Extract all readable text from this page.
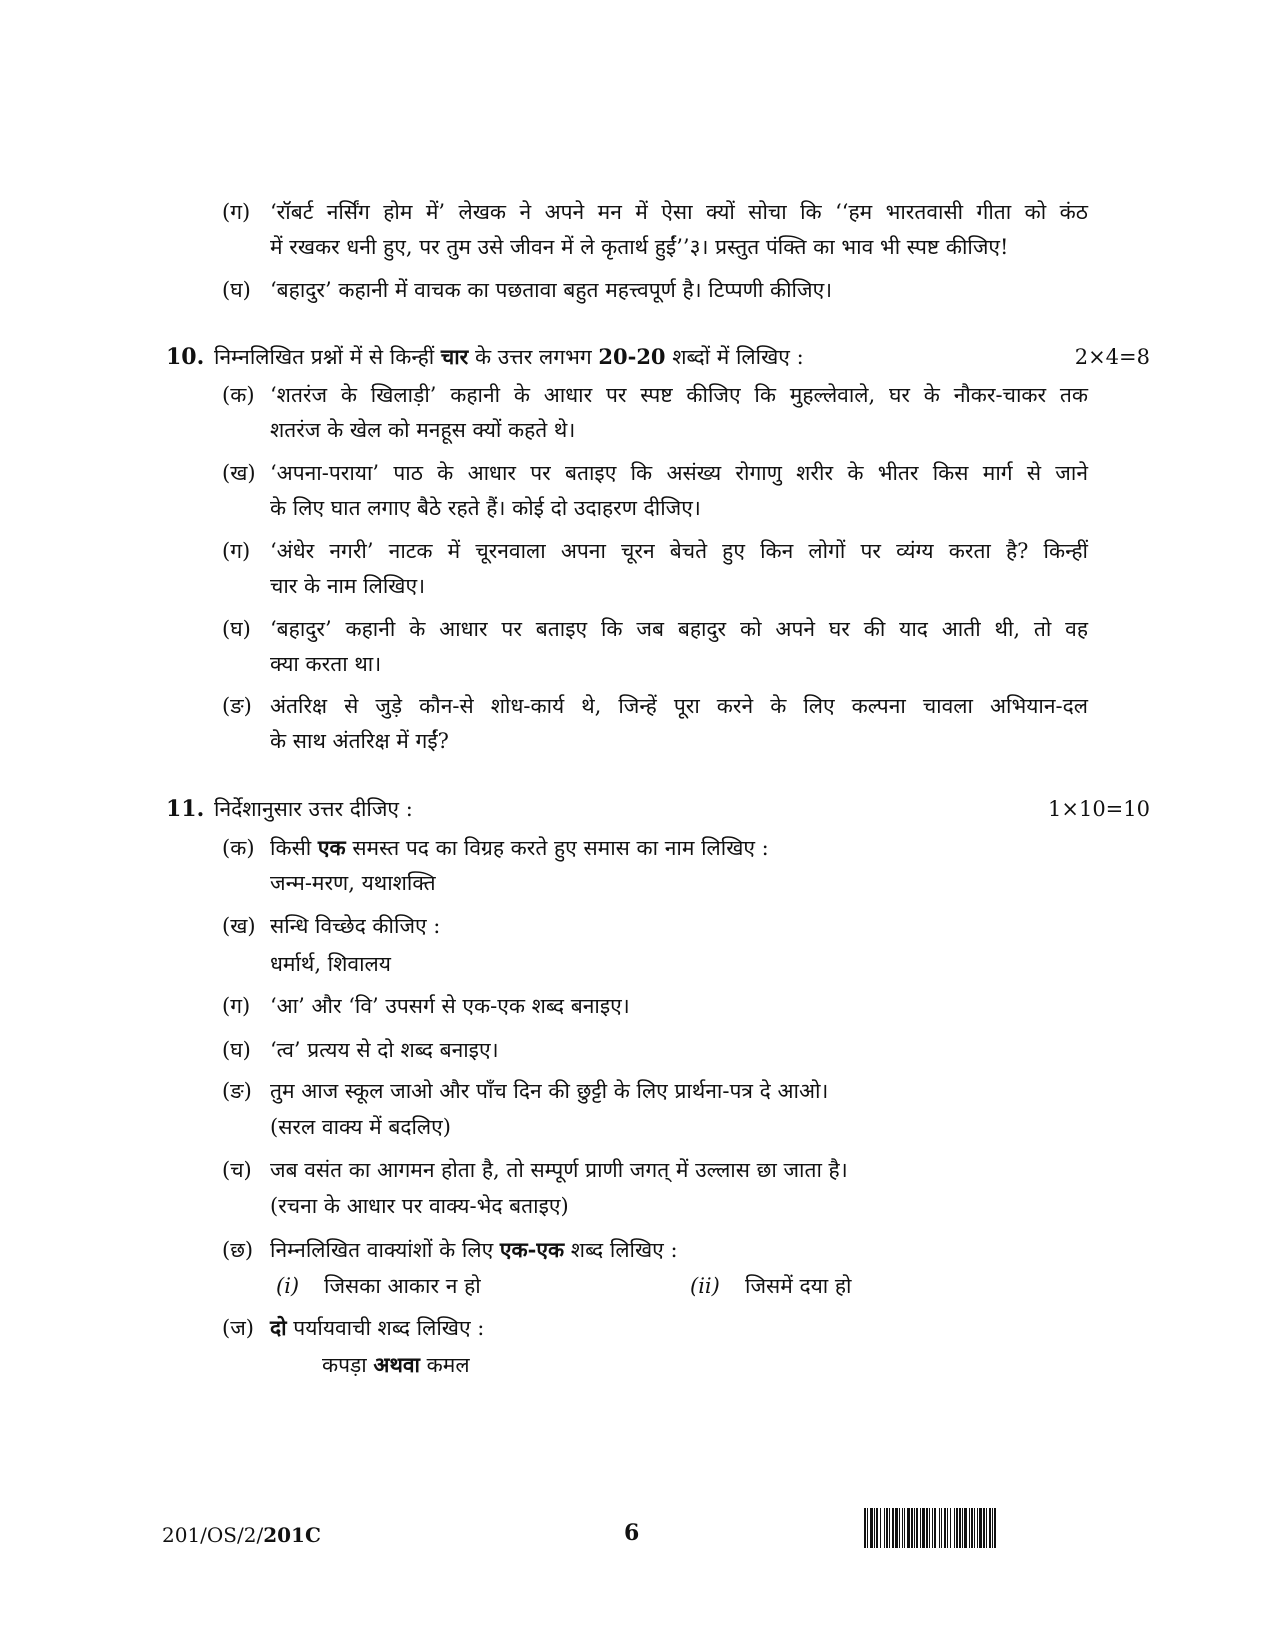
(ग) ‘रॉबर्ट नर्सिंग होम में’ लेखक ने अपने मन में ऐसा क्यों सोचा कि ‘‘हम भारतवासी गीता को कंठ
में रखकर धनी हुए, पर तुम उसे जीवन में ले कृतार्थ हुईं’’३। प्रस्तुत पंक्ति का भाव भी स्पष्ट कीजिए!
(घ) ‘बहादुर’ कहानी में वाचक का पछतावा बहुत महत्त्वपूर्ण है। टिप्पणी कीजिए।
10. निम्नलिखित प्रश्नों में से किन्हीं चार के उत्तर लगभग 20-20 शब्दों में लिखिए :	2×4=8
(क) ‘शतरंज के खिलाड़ी’ कहानी के आधार पर स्पष्ट कीजिए कि मुहल्लेवाले, घर के नौकर-चाकर तक
शतरंज के खेल को मनहूस क्यों कहते थे।
(ख) ‘अपना-पराया’ पाठ के आधार पर बताइए कि असंख्य रोगाणु शरीर के भीतर किस मार्ग से जाने
के लिए घात लगाए बैठे रहते हैं। कोई दो उदाहरण दीजिए।
(ग) ‘अंधेर नगरी’ नाटक में चूरनवाला अपना चूरन बेचते हुए किन लोगों पर व्यंग्य करता है? किन्हीं
चार के नाम लिखिए।
(घ) ‘बहादुर’ कहानी के आधार पर बताइए कि जब बहादुर को अपने घर की याद आती थी, तो वह
क्या करता था।
(ङ) अंतरिक्ष से जुड़े कौन-से शोध-कार्य थे, जिन्हें पूरा करने के लिए कल्पना चावला अभियान-दल
के साथ अंतरिक्ष में गईं?
11. निर्देशानुसार उत्तर दीजिए :	1×10=10
(क) किसी एक समस्त पद का विग्रह करते हुए समास का नाम लिखिए :
जन्म-मरण, यथाशक्ति
(ख) सन्धि विच्छेद कीजिए :
धर्मार्थ, शिवालय
(ग) ‘आ’ और ‘वि’ उपसर्ग से एक-एक शब्द बनाइए।
(घ) ‘त्व’ प्रत्यय से दो शब्द बनाइए।
(ङ) तुम आज स्कूल जाओ और पाँच दिन की छुट्टी के लिए प्रार्थना-पत्र दे आओ।
(सरल वाक्य में बदलिए)
(च) जब वसंत का आगमन होता है, तो सम्पूर्ण प्राणी जगत् में उल्लास छा जाता है।
(रचना के आधार पर वाक्य-भेद बताइए)
(छ) निम्नलिखित वाक्यांशों के लिए एक-एक शब्द लिखिए :
(i) जिसका आकार न हो	(ii) जिसमें दया हो
(ज) दो पर्यायवाची शब्द लिखिए :
कपड़ा अथवा कमल
201/OS/2/201C	6
